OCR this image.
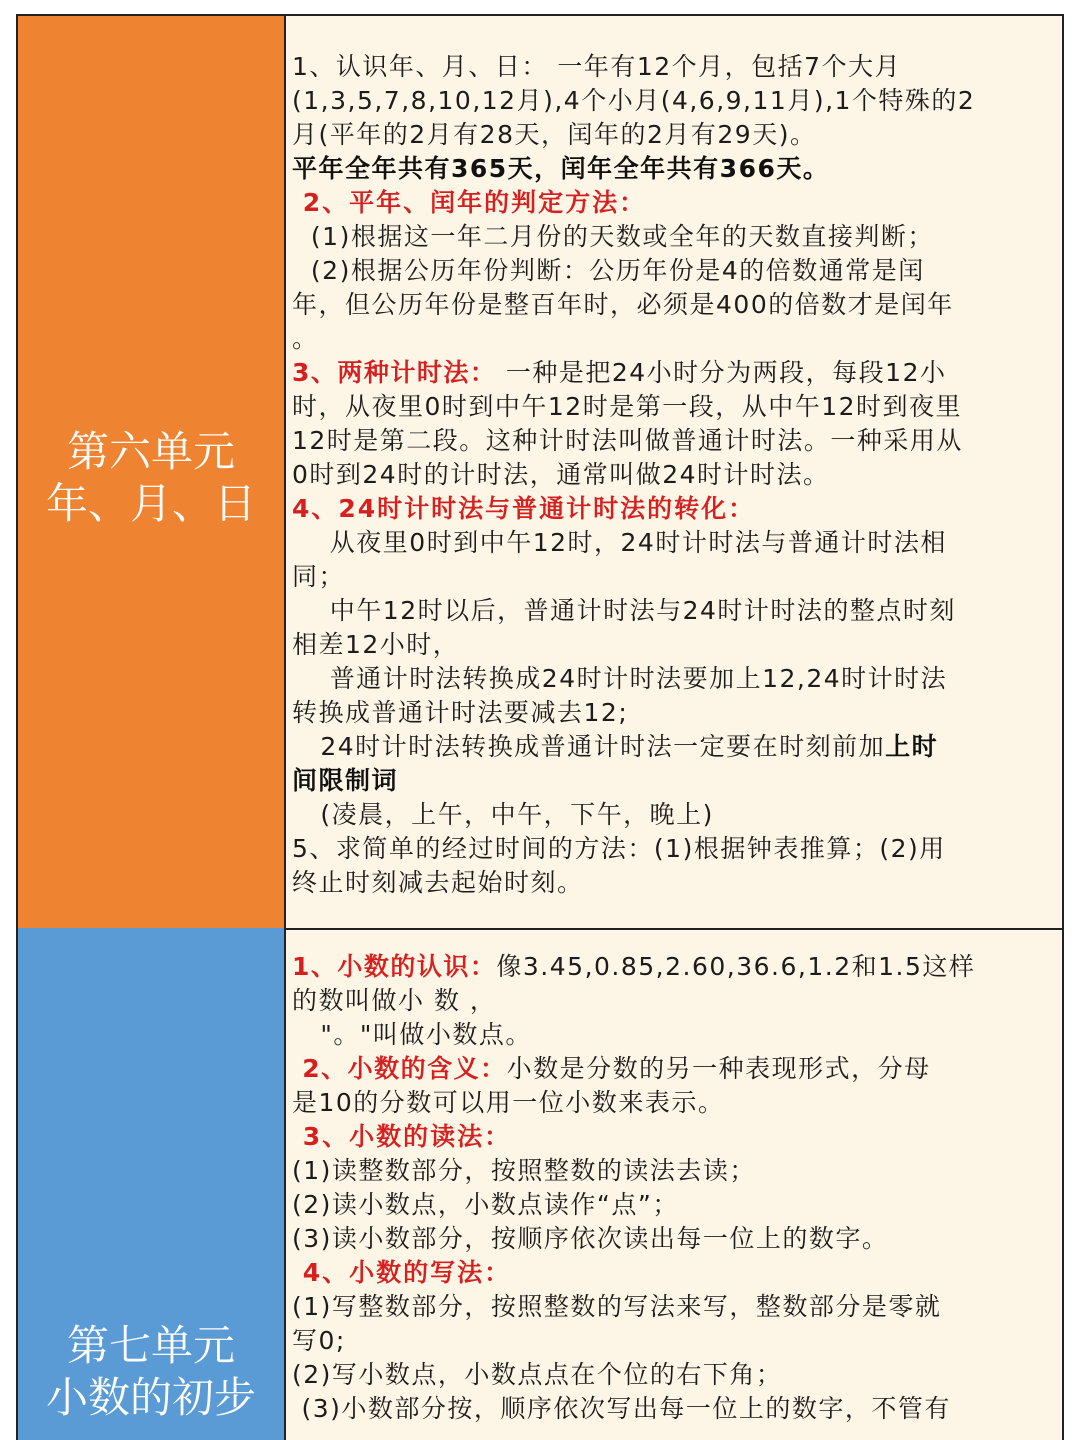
第六单元
年、月、日
1、认识年、月、日： 一年有12个月，包括7个大月
(1,3,5,7,8,10,12月),4个小月(4,6,9,11月),1个特殊的2
月(平年的2月有28天，闰年的2月有29天)。
平年全年共有365天，闰年全年共有366天。
2、平年、闰年的判定方法：
(1)根据这一年二月份的天数或全年的天数直接判断；
(2)根据公历年份判断：公历年份是4的倍数通常是闰
年，但公历年份是整百年时，必须是400的倍数才是闰年
。
3、两种计时法： 一种是把24小时分为两段，每段12小
时，从夜里0时到中午12时是第一段，从中午12时到夜里
12时是第二段。这种计时法叫做普通计时法。一种采用从
0时到24时的计时法，通常叫做24时计时法。
4、24时计时法与普通计时法的转化：
从夜里0时到中午12时，24时计时法与普通计时法相
同；
中午12时以后，普通计时法与24时计时法的整点时刻
相差12小时，
普通计时法转换成24时计时法要加上12,24时计时法
转换成普通计时法要减去12;
24时计时法转换成普通计时法一定要在时刻前加上时
间限制词
(凌晨，上午，中午，下午，晚上)
5、求简单的经过时间的方法：(1)根据钟表推算；(2)用
终止时刻减去起始时刻。
第七单元
小数的初步
1、小数的认识：像3.45,0.85,2.60,36.6,1.2和1.5这样
的数叫做小 数 ，
"。"叫做小数点。
2、小数的含义：小数是分数的另一种表现形式，分母
是10的分数可以用一位小数来表示。
3、小数的读法：
(1)读整数部分，按照整数的读法去读；
(2)读小数点，小数点读作“点”；
(3)读小数部分，按顺序依次读出每一位上的数字。
4、小数的写法：
(1)写整数部分，按照整数的写法来写，整数部分是零就
写0;
(2)写小数点，小数点点在个位的右下角；
(3)小数部分按，顺序依次写出每一位上的数字，不管有
